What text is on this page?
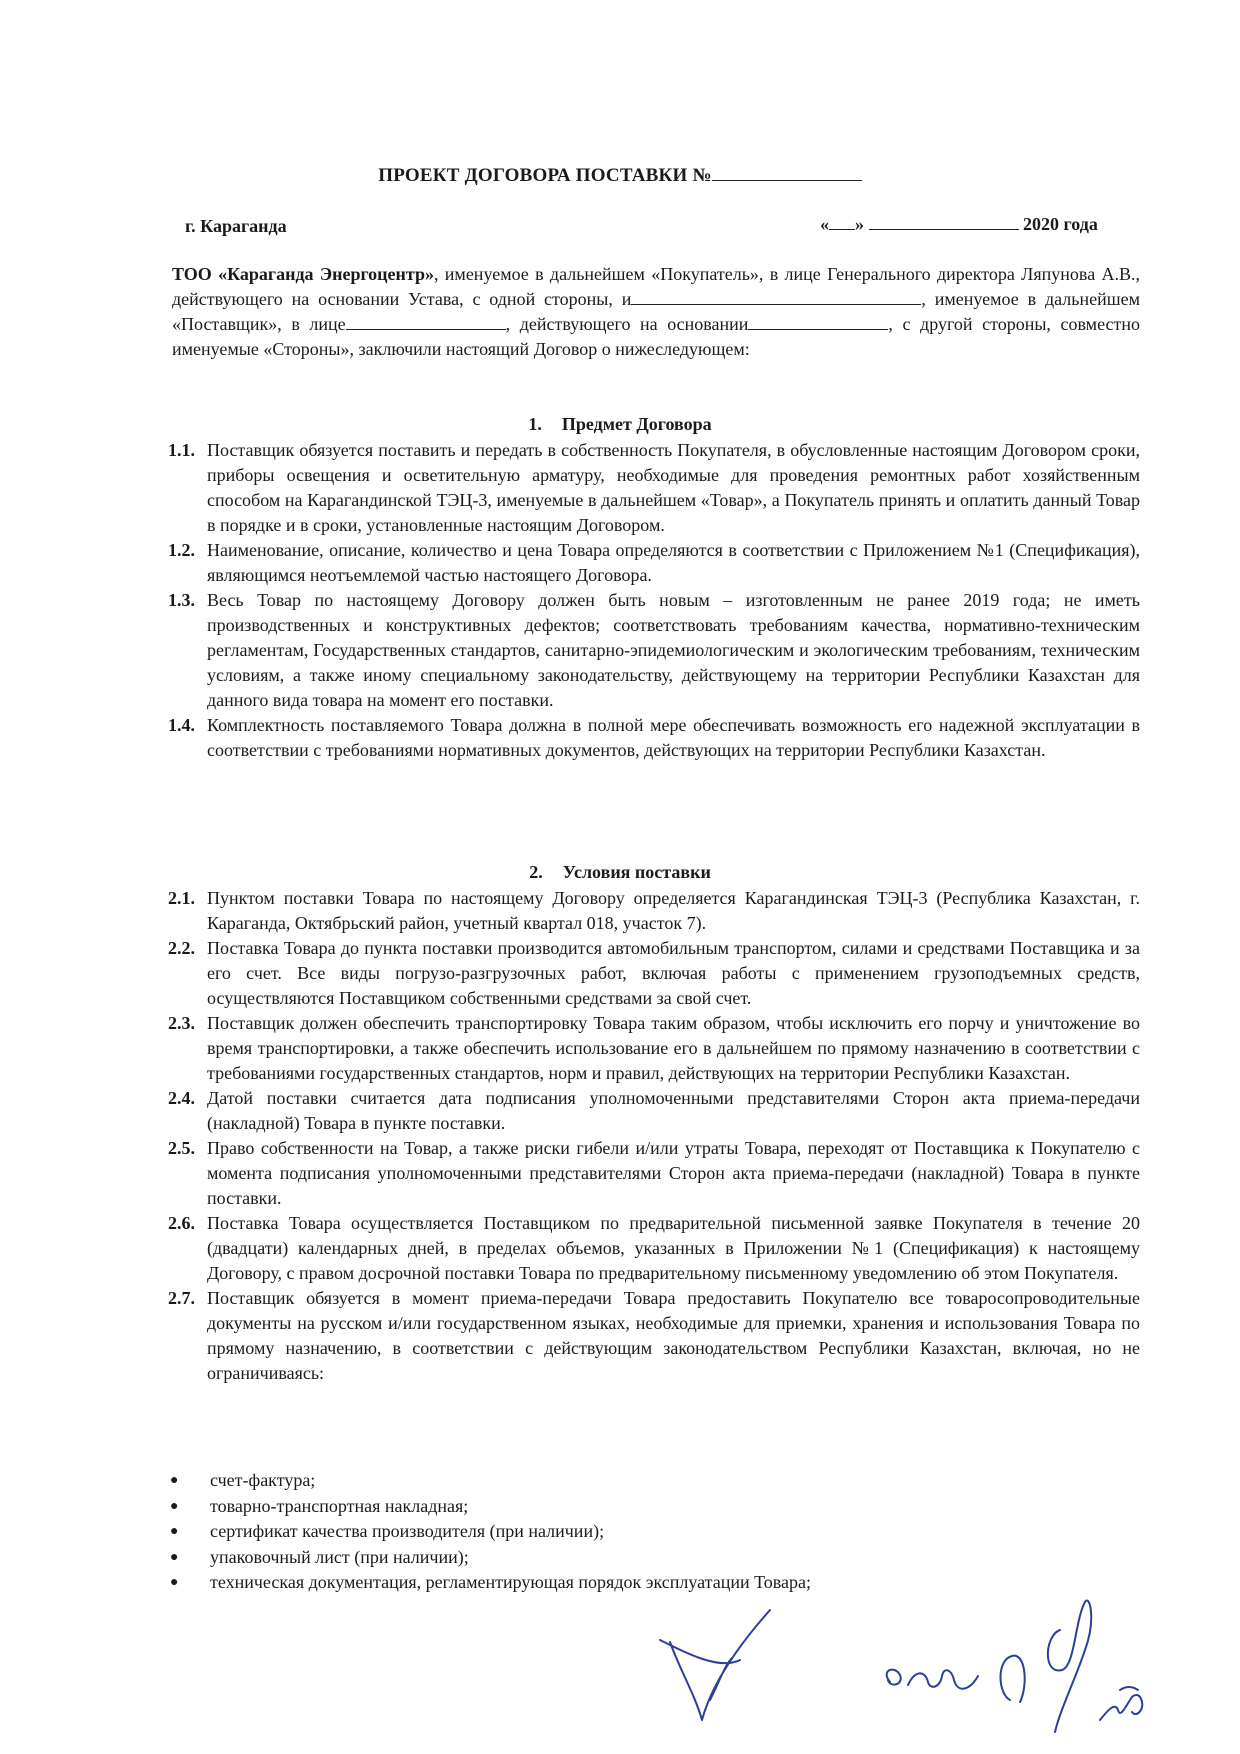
ПРОЕКТ ДОГОВОРА ПОСТАВКИ №
г. Караганда	« »	2020 года

ТОО «Караганда Энергоцентр», именуемое в дальнейшем «Покупатель», в лице Генерального директора Ляпунова А.В., действующего на основании Устава, с одной стороны, и	, именуемое в дальнейшем «Поставщик», в лице	, действующего на основании	, с другой стороны, совместно именуемые «Стороны», заключили настоящий Договор о нижеследующем:

1. Предмет Договора
1.1. Поставщик обязуется поставить и передать в собственность Покупателя, в обусловленные настоящим Договором сроки, приборы освещения и осветительную арматуру, необходимые для проведения ремонтных работ хозяйственным способом на Карагандинской ТЭЦ-3, именуемые в дальнейшем «Товар», а Покупатель принять и оплатить данный Товар в порядке и в сроки, установленные настоящим Договором.
1.2. Наименование, описание, количество и цена Товара определяются в соответствии с Приложением №1 (Спецификация), являющимся неотъемлемой частью настоящего Договора.
1.3. Весь Товар по настоящему Договору должен быть новым – изготовленным не ранее 2019 года; не иметь производственных и конструктивных дефектов; соответствовать требованиям качества, нормативно-техническим регламентам, Государственных стандартов, санитарно-эпидемиологическим и экологическим требованиям, техническим условиям, а также иному специальному законодательству, действующему на территории Республики Казахстан для данного вида товара на момент его поставки.
1.4. Комплектность поставляемого Товара должна в полной мере обеспечивать возможность его надежной эксплуатации в соответствии с требованиями нормативных документов, действующих на территории Республики Казахстан.
2. Условия поставки
2.1. Пунктом поставки Товара по настоящему Договору определяется Карагандинская ТЭЦ-3 (Республика Казахстан, г. Караганда, Октябрьский район, учетный квартал 018, участок 7).
2.2. Поставка Товара до пункта поставки производится автомобильным транспортом, силами и средствами Поставщика и за его счет. Все виды погрузо-разгрузочных работ, включая работы с применением грузоподъемных средств, осуществляются Поставщиком собственными средствами за свой счет.
2.3. Поставщик должен обеспечить транспортировку Товара таким образом, чтобы исключить его порчу и уничтожение во время транспортировки, а также обеспечить использование его в дальнейшем по прямому назначению в соответствии с требованиями государственных стандартов, норм и правил, действующих на территории Республики Казахстан.
2.4. Датой поставки считается дата подписания уполномоченными представителями Сторон акта приема-передачи (накладной) Товара в пункте поставки.
2.5. Право собственности на Товар, а также риски гибели и/или утраты Товара, переходят от Поставщика к Покупателю с момента подписания уполномоченными представителями Сторон акта приема-передачи (накладной) Товара в пункте поставки.
2.6. Поставка Товара осуществляется Поставщиком по предварительной письменной заявке Покупателя в течение 20 (двадцати) календарных дней, в пределах объемов, указанных в Приложении №1 (Спецификация) к настоящему Договору, с правом досрочной поставки Товара по предварительному письменному уведомлению об этом Покупателя.
2.7. Поставщик обязуется в момент приема-передачи Товара предоставить Покупателю все товаросопроводительные документы на русском и/или государственном языках, необходимые для приемки, хранения и использования Товара по прямому назначению, в соответствии с действующим законодательством Республики Казахстан, включая, но не ограничиваясь:
●	счет-фактура;
●	товарно-транспортная накладная;
●	сертификат качества производителя (при наличии);
●	упаковочный лист (при наличии);
●	техническая документация, регламентирующая порядок эксплуатации Товара;
